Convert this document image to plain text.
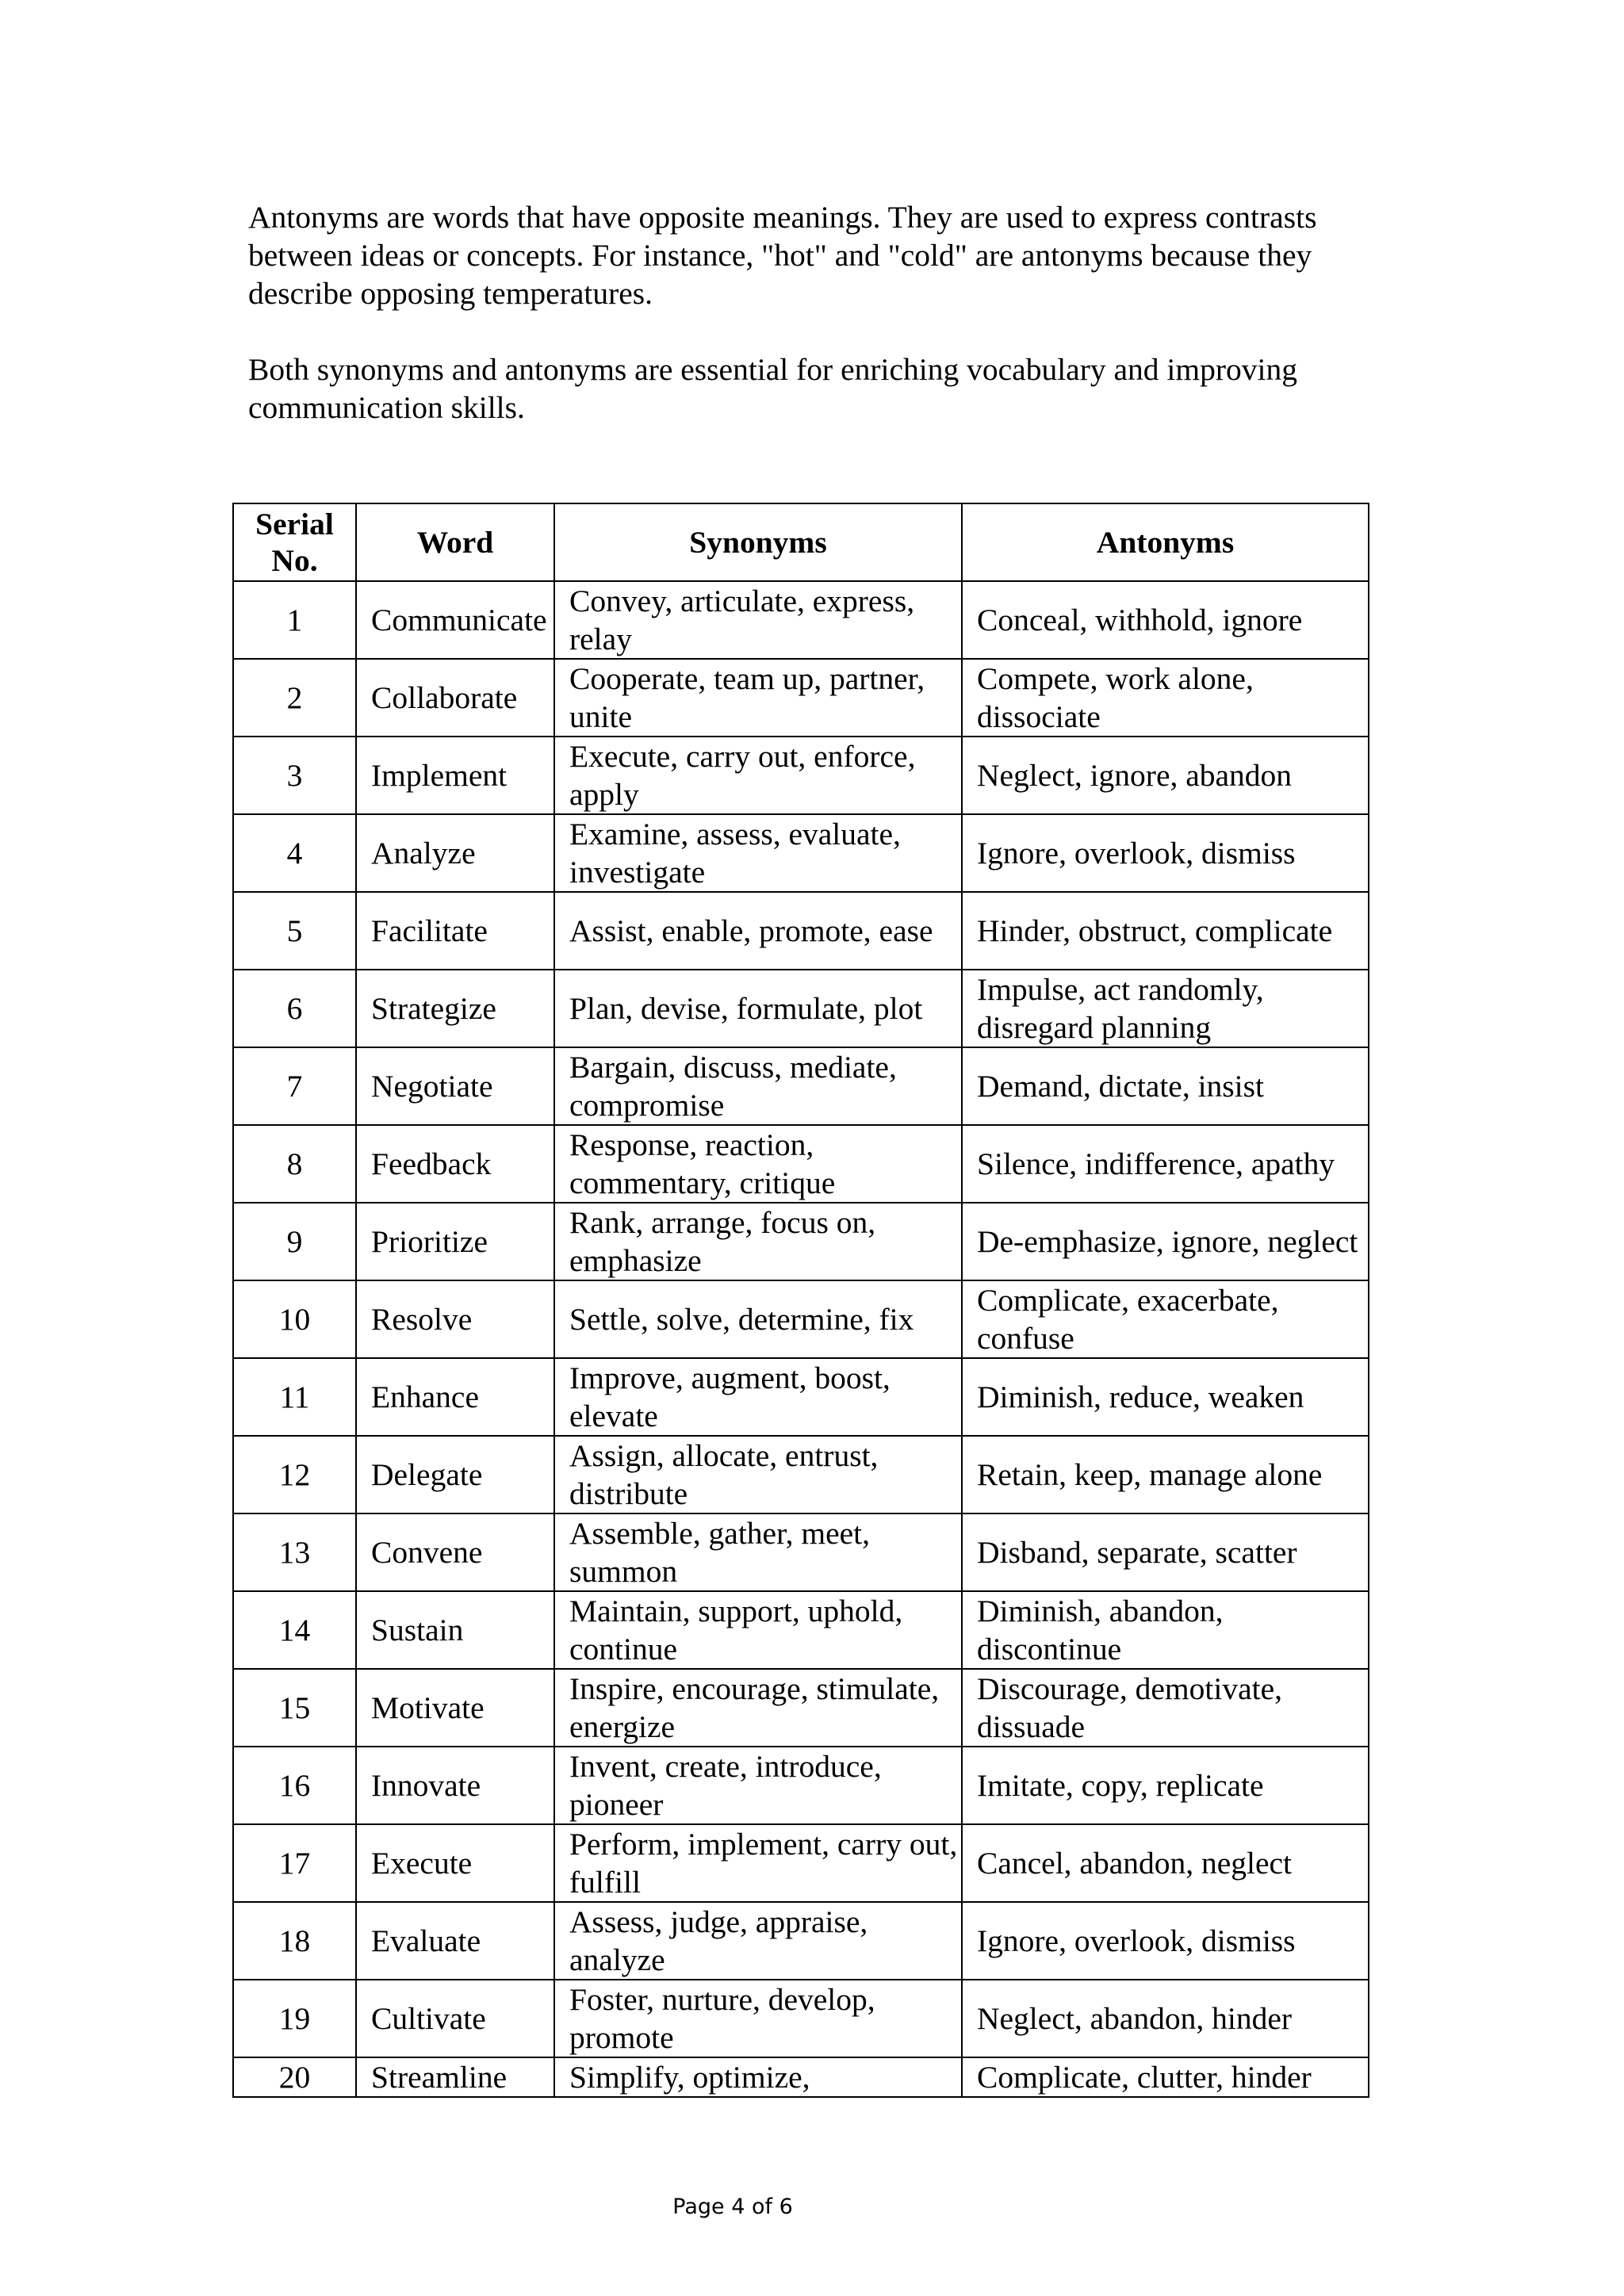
Antonyms are words that have opposite meanings. They are used to express contrasts between ideas or concepts. For instance, "hot" and "cold" are antonyms because they describe opposing temperatures.

Both synonyms and antonyms are essential for enriching vocabulary and improving communication skills.

Serial No.	Word	Synonyms	Antonyms
1	Communicate	Convey, articulate, express, relay	Conceal, withhold, ignore
2	Collaborate	Cooperate, team up, partner, unite	Compete, work alone, dissociate
3	Implement	Execute, carry out, enforce, apply	Neglect, ignore, abandon
4	Analyze	Examine, assess, evaluate, investigate	Ignore, overlook, dismiss
5	Facilitate	Assist, enable, promote, ease	Hinder, obstruct, complicate
6	Strategize	Plan, devise, formulate, plot	Impulse, act randomly, disregard planning
7	Negotiate	Bargain, discuss, mediate, compromise	Demand, dictate, insist
8	Feedback	Response, reaction, commentary, critique	Silence, indifference, apathy
9	Prioritize	Rank, arrange, focus on, emphasize	De-emphasize, ignore, neglect
10	Resolve	Settle, solve, determine, fix	Complicate, exacerbate, confuse
11	Enhance	Improve, augment, boost, elevate	Diminish, reduce, weaken
12	Delegate	Assign, allocate, entrust, distribute	Retain, keep, manage alone
13	Convene	Assemble, gather, meet, summon	Disband, separate, scatter
14	Sustain	Maintain, support, uphold, continue	Diminish, abandon, discontinue
15	Motivate	Inspire, encourage, stimulate, energize	Discourage, demotivate, dissuade
16	Innovate	Invent, create, introduce, pioneer	Imitate, copy, replicate
17	Execute	Perform, implement, carry out, fulfill	Cancel, abandon, neglect
18	Evaluate	Assess, judge, appraise, analyze	Ignore, overlook, dismiss
19	Cultivate	Foster, nurture, develop, promote	Neglect, abandon, hinder
20	Streamline	Simplify, optimize,	Complicate, clutter, hinder
Page 4 of 6
